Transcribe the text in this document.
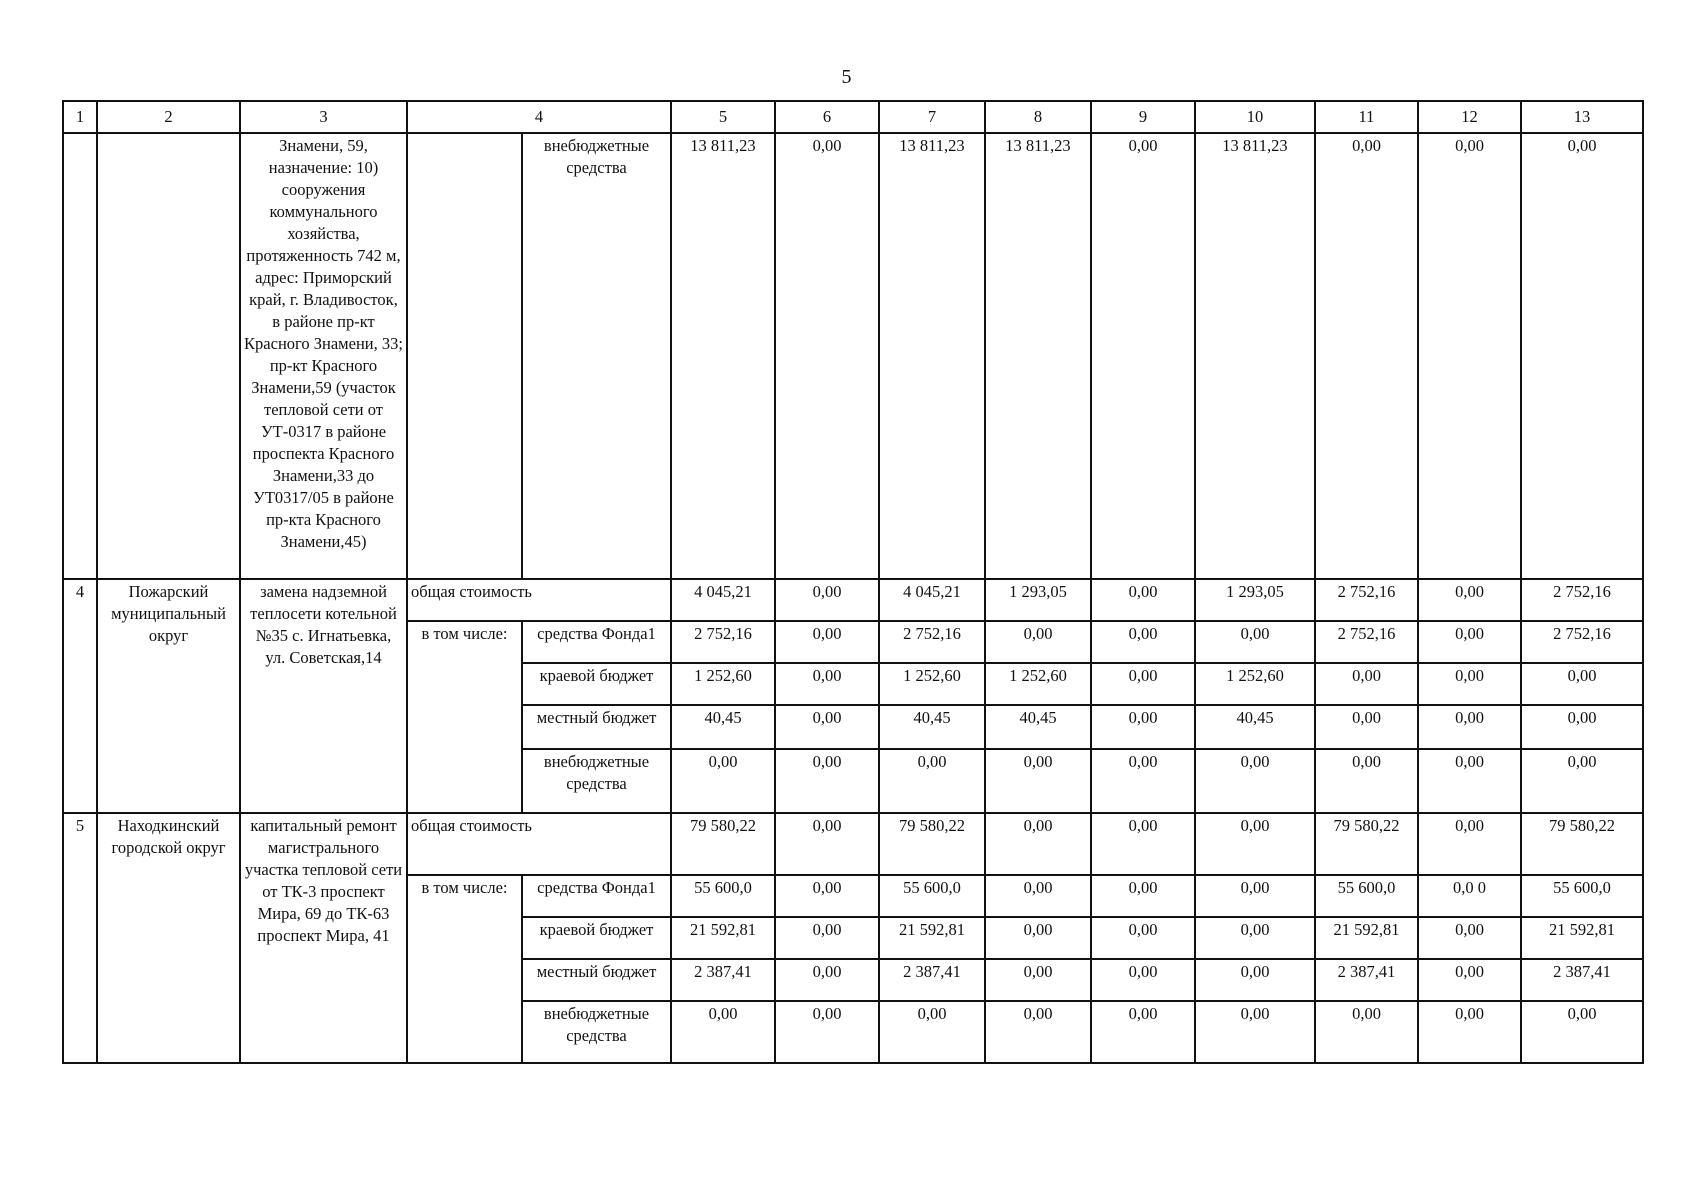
5
1	2	3	4		5	6	7	8	9	10	11	12	13
		Знамени, 59, назначение: 10) сооружения коммунального хозяйства, протяженность 742 м, адрес: Приморский край, г. Владивосток, в районе пр-кт Красного Знамени, 33; пр-кт Красного Знамени,59 (участок тепловой сети от УТ-0317 в районе проспекта Красного Знамени,33 до УТ0317/05 в районе пр-кта Красного Знамени,45)		внебюджетные средства	13 811,23	0,00	13 811,23	13 811,23	0,00	13 811,23	0,00	0,00	0,00
4	Пожарский муниципальный округ	замена надземной теплосети котельной №35 с. Игнатьевка, ул. Советская,14	общая стоимость		4 045,21	0,00	4 045,21	1 293,05	0,00	1 293,05	2 752,16	0,00	2 752,16
			в том числе:	средства Фонда1	2 752,16	0,00	2 752,16	0,00	0,00	0,00	2 752,16	0,00	2 752,16
				краевой бюджет	1 252,60	0,00	1 252,60	1 252,60	0,00	1 252,60	0,00	0,00	0,00
				местный бюджет	40,45	0,00	40,45	40,45	0,00	40,45	0,00	0,00	0,00
				внебюджетные средства	0,00	0,00	0,00	0,00	0,00	0,00	0,00	0,00	0,00
5	Находкинский городской округ	капитальный ремонт магистрального участка тепловой сети от ТК-3 проспект Мира, 69 до ТК-63 проспект Мира, 41	общая стоимость		79 580,22	0,00	79 580,22	0,00	0,00	0,00	79 580,22	0,00	79 580,22
			в том числе:	средства Фонда1	55 600,0	0,00	55 600,0	0,00	0,00	0,00	55 600,0	0,0 0	55 600,0
				краевой бюджет	21 592,81	0,00	21 592,81	0,00	0,00	0,00	21 592,81	0,00	21 592,81
				местный бюджет	2 387,41	0,00	2 387,41	0,00	0,00	0,00	2 387,41	0,00	2 387,41
				внебюджетные средства	0,00	0,00	0,00	0,00	0,00	0,00	0,00	0,00	0,00
